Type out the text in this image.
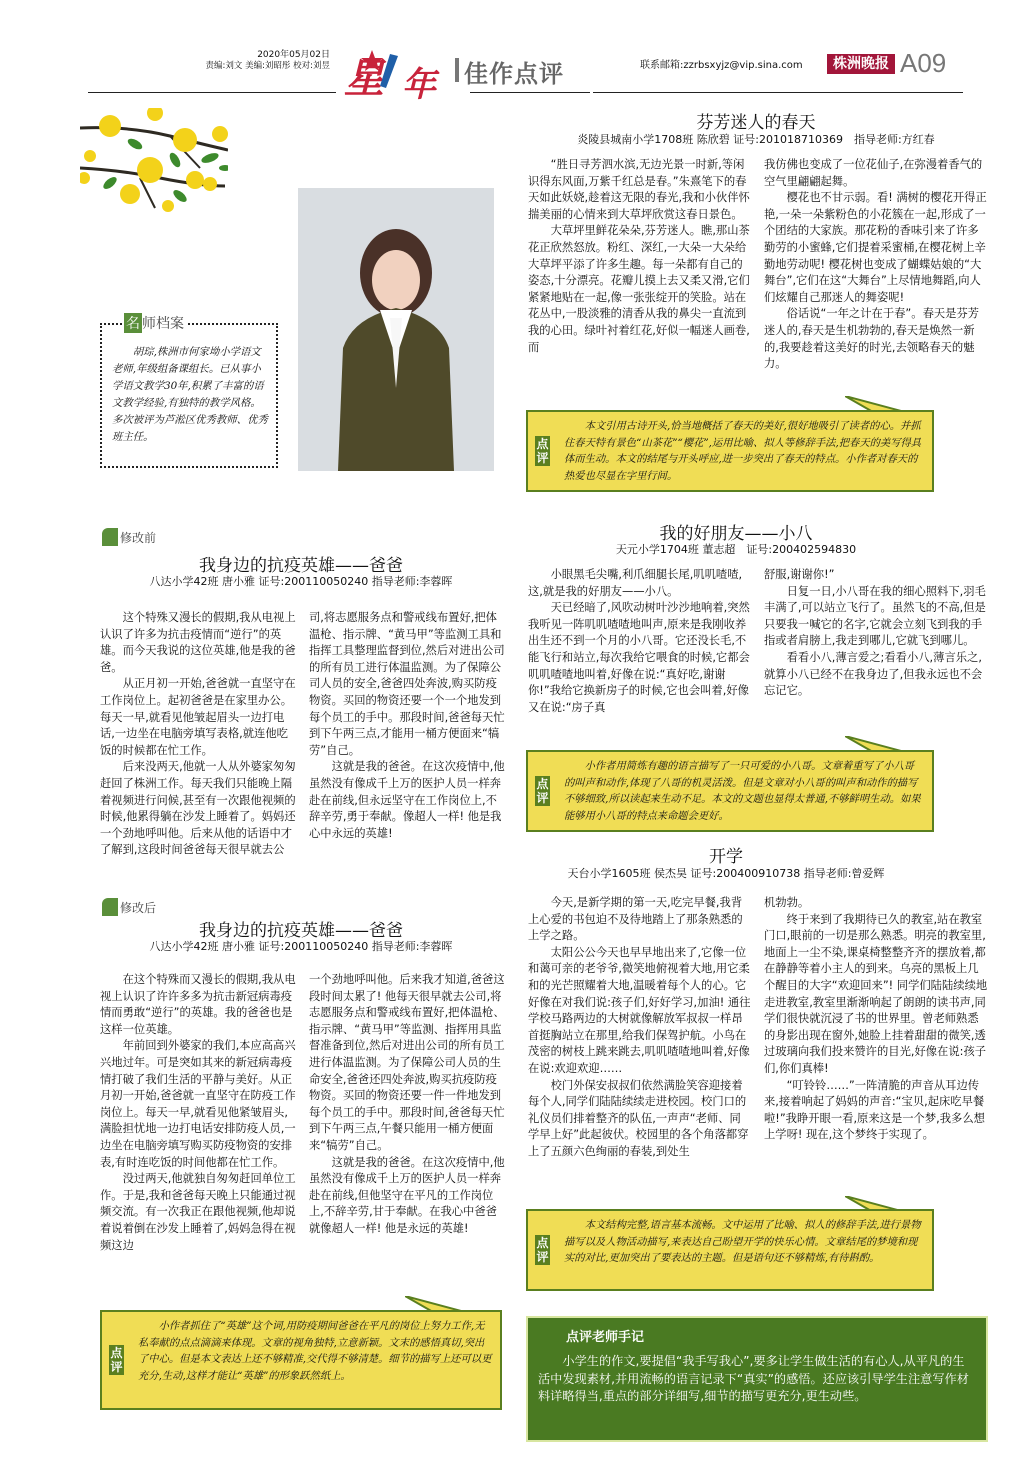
2020年05月02日
责编:刘文 美编:刘昭彤 校对:刘昱 星 年 佳作点评	联系邮箱:zzrbsxyjz@vip.sina.com	株洲晚报 A09
名 师档案

胡琮,株洲市何家坳小学语文老师,年级组备课组长。已从事小学语文教学30年,积累了丰富的语文教学经验,有独特的教学风格。多次被评为芦淞区优秀教师、优秀班主任。

芬芳迷人的春天
炎陵县城南小学1708班 陈欣碧 证号:201018710369　指导老师:方红春

“胜日寻芳泗水滨,无边光景一时新,等闲识得东风面,万紫千红总是春。”朱熹笔下的春天如此妖娆,趁着这无限的春光,我和小伙伴怀揣美丽的心情来到大草坪欣赏这春日景色。

大草坪里鲜花朵朵,芬芳迷人。瞧,那山茶花正欣然怒放。粉红、深红,一大朵一大朵给大草坪平添了许多生趣。每一朵都有自己的姿态,十分漂亮。花瓣儿摸上去又柔又滑,它们紧紧地贴在一起,像一张张绽开的笑脸。站在花丛中,一股淡雅的清香从我的鼻尖一直流到我的心田。绿叶衬着红花,好似一幅迷人画卷,而

我仿佛也变成了一位花仙子,在弥漫着香气的空气里翩翩起舞。

樱花也不甘示弱。看! 满树的樱花开得正艳,一朵一朵紫粉色的小花簇在一起,形成了一个团结的大家族。那花粉的香味引来了许多勤劳的小蜜蜂,它们提着采蜜桶,在樱花树上辛勤地劳动呢! 樱花树也变成了蝴蝶姑娘的“大舞台”,它们在这“大舞台”上尽情地舞蹈,向人们炫耀自己那迷人的舞姿呢!

俗话说“一年之计在于春”。春天是芬芳迷人的,春天是生机勃勃的,春天是焕然一新的,我要趁着这美好的时光,去领略春天的魅力。

点评

本文引用古诗开头,恰当地概括了春天的美好,很好地吸引了读者的心。并抓住春天特有景色“山茶花”“樱花”,运用比喻、拟人等修辞手法,把春天的美写得具体而生动。本文的结尾与开头呼应,进一步突出了春天的特点。小作者对春天的热爱也尽显在字里行间。

修改前
我身边的抗疫英雄——爸爸
八达小学42班 唐小雅 证号:200110050240 指导老师:李蓉晖

这个特殊又漫长的假期,我从电视上认识了许多为抗击疫情而“逆行”的英雄。而今天我说的这位英雄,他是我的爸爸。

从正月初一开始,爸爸就一直坚守在工作岗位上。起初爸爸是在家里办公。每天一早,就看见他皱起眉头一边打电话,一边坐在电脑旁填写表格,就连他吃饭的时候都在忙工作。

后来没两天,他就一人从外婆家匆匆赶回了株洲工作。每天我们只能晚上隔着视频进行问候,甚至有一次跟他视频的时候,他累得躺在沙发上睡着了。妈妈还一个劲地呼叫他。后来从他的话语中才了解到,这段时间爸爸每天很早就去公

司,将志愿服务点和警戒线布置好,把体温枪、指示牌、“黄马甲”等监测工具和指挥工具整理监督到位,然后对进出公司的所有员工进行体温监测。为了保障公司人员的安全,爸爸四处奔波,购买防疫物资。买回的物资还要一个一个地发到每个员工的手中。那段时间,爸爸每天忙到下午两三点,才能用一桶方便面来“犒劳”自己。

这就是我的爸爸。在这次疫情中,他虽然没有像成千上万的医护人员一样奔赴在前线,但永远坚守在工作岗位上,不辞辛劳,勇于奉献。像超人一样! 他是我心中永远的英雄!

修改后
我身边的抗疫英雄——爸爸
八达小学42班 唐小雅 证号:200110050240 指导老师:李蓉晖

在这个特殊而又漫长的假期,我从电视上认识了许许多多为抗击新冠病毒疫情而勇敢“逆行”的英雄。我的爸爸也是这样一位英雄。

年前回到外婆家的我们,本应高高兴兴地过年。可是突如其来的新冠病毒疫情打破了我们生活的平静与美好。从正月初一开始,爸爸就一直坚守在防疫工作岗位上。每天一早,就看见他紧皱眉头,满脸担忧地一边打电话安排防疫人员,一边坐在电脑旁填写购买防疫物资的安排表,有时连吃饭的时间他都在忙工作。

没过两天,他就独自匆匆赶回单位工作。于是,我和爸爸每天晚上只能通过视频交流。有一次我正在跟他视频,他却说着说着倒在沙发上睡着了,妈妈急得在视频这边

一个劲地呼叫他。后来我才知道,爸爸这段时间太累了! 他每天很早就去公司,将志愿服务点和警戒线布置好,把体温枪、指示牌、“黄马甲”等监测、指挥用具监督准备到位,然后对进出公司的所有员工进行体温监测。为了保障公司人员的生命安全,爸爸还四处奔波,购买抗疫防疫物资。买回的物资还要一件一件地发到每个员工的手中。那段时间,爸爸每天忙到下午两三点,午餐只能用一桶方便面来“犒劳”自己。

这就是我的爸爸。在这次疫情中,他虽然没有像成千上万的医护人员一样奔赴在前线,但他坚守在平凡的工作岗位上,不辞辛劳,甘于奉献。在我心中爸爸就像超人一样! 他是永远的英雄!

点评

小作者抓住了“英雄”这个词,用防疫期间爸爸在平凡的岗位上努力工作,无私奉献的点点滴滴来体现。文章的视角独特,立意新颖。文末的感悟真切,突出了中心。但是本文表达上还不够精准,交代得不够清楚。细节的描写上还可以更充分,生动,这样才能让“英雄”的形象跃然纸上。

我的好朋友——小八
天元小学1704班 董志超　证号:200402594830

小眼黑毛尖嘴,利爪细腿长尾,叽叽喳喳,这,就是我的好朋友——小八。

天已经暗了,风吹动树叶沙沙地响着,突然我听见一阵叽叽喳喳地叫声,原来是我刚收养出生还不到一个月的小八哥。它还没长毛,不能飞行和站立,每次我给它喂食的时候,它都会叽叽喳喳地叫着,好像在说:“真好吃,谢谢你!”我给它换新房子的时候,它也会叫着,好像又在说:“房子真

舒服,谢谢你!”

日复一日,小八哥在我的细心照料下,羽毛丰满了,可以站立飞行了。虽然飞的不高,但是只要我一喊它的名字,它就会立刻飞到我的手指或者肩膀上,我走到哪儿,它就飞到哪儿。

看看小八,薄言爱之;看看小八,薄言乐之,就算小八已经不在我身边了,但我永远也不会忘记它。

点评

小作者用简炼有趣的语言描写了一只可爱的小八哥。文章着重写了小八哥的叫声和动作,体现了八哥的机灵活泼。但是文章对小八哥的叫声和动作的描写不够细致,所以读起来生动不足。本文的文题也显得太普通,不够鲜明生动。如果能够用小八哥的特点来命题会更好。

开学
天台小学1605班 侯杰昊 证号:200400910738 指导老师:曾爱辉

今天,是新学期的第一天,吃完早餐,我背上心爱的书包迫不及待地踏上了那条熟悉的上学之路。

太阳公公今天也早早地出来了,它像一位和蔼可亲的老爷爷,微笑地俯视着大地,用它柔和的光芒照耀着大地,温暖着每个人的心。它好像在对我们说:孩子们,好好学习,加油! 通往学校马路两边的大树就像解放军叔叔一样昂首挺胸站立在那里,给我们保驾护航。小鸟在茂密的树枝上跳来跳去,叽叽喳喳地叫着,好像在说:欢迎欢迎……

校门外保安叔叔们依然满脸笑容迎接着每个人,同学们陆陆续续走进校园。校门口的礼仪员们排着整齐的队伍,一声声“老师、同学早上好”此起彼伏。校园里的各个角落都穿上了五颜六色绚丽的春装,到处生

机勃勃。

终于来到了我期待已久的教室,站在教室门口,眼前的一切是那么熟悉。明亮的教室里,地面上一尘不染,课桌椅整整齐齐的摆放着,都在静静等着小主人的到来。乌亮的黑板上几个醒目的大字“欢迎回来”! 同学们陆陆续续地走进教室,教室里渐渐响起了朗朗的读书声,同学们很快就沉浸了书的世界里。曾老师熟悉的身影出现在窗外,她脸上挂着甜甜的微笑,透过玻璃向我们投来赞许的目光,好像在说:孩子们,你们真棒!

“叮铃铃……”一阵清脆的声音从耳边传来,接着响起了妈妈的声音:“宝贝,起床吃早餐啦!”我睁开眼一看,原来这是一个梦,我多么想上学呀! 现在,这个梦终于实现了。

点评

本文结构完整,语言基本流畅。文中运用了比喻、拟人的修辞手法,进行景物描写以及人物活动描写,来表达自己盼望开学的快乐心情。文章结尾的梦境和现实的对比,更加突出了要表达的主题。但是语句还不够精炼,有待斟酌。

点评老师手记

小学生的作文,要提倡“我手写我心”,要多让学生做生活的有心人,从平凡的生活中发现素材,并用流畅的语言记录下“真实”的感悟。还应该引导学生注意写作材料详略得当,重点的部分详细写,细节的描写更充分,更生动些。
